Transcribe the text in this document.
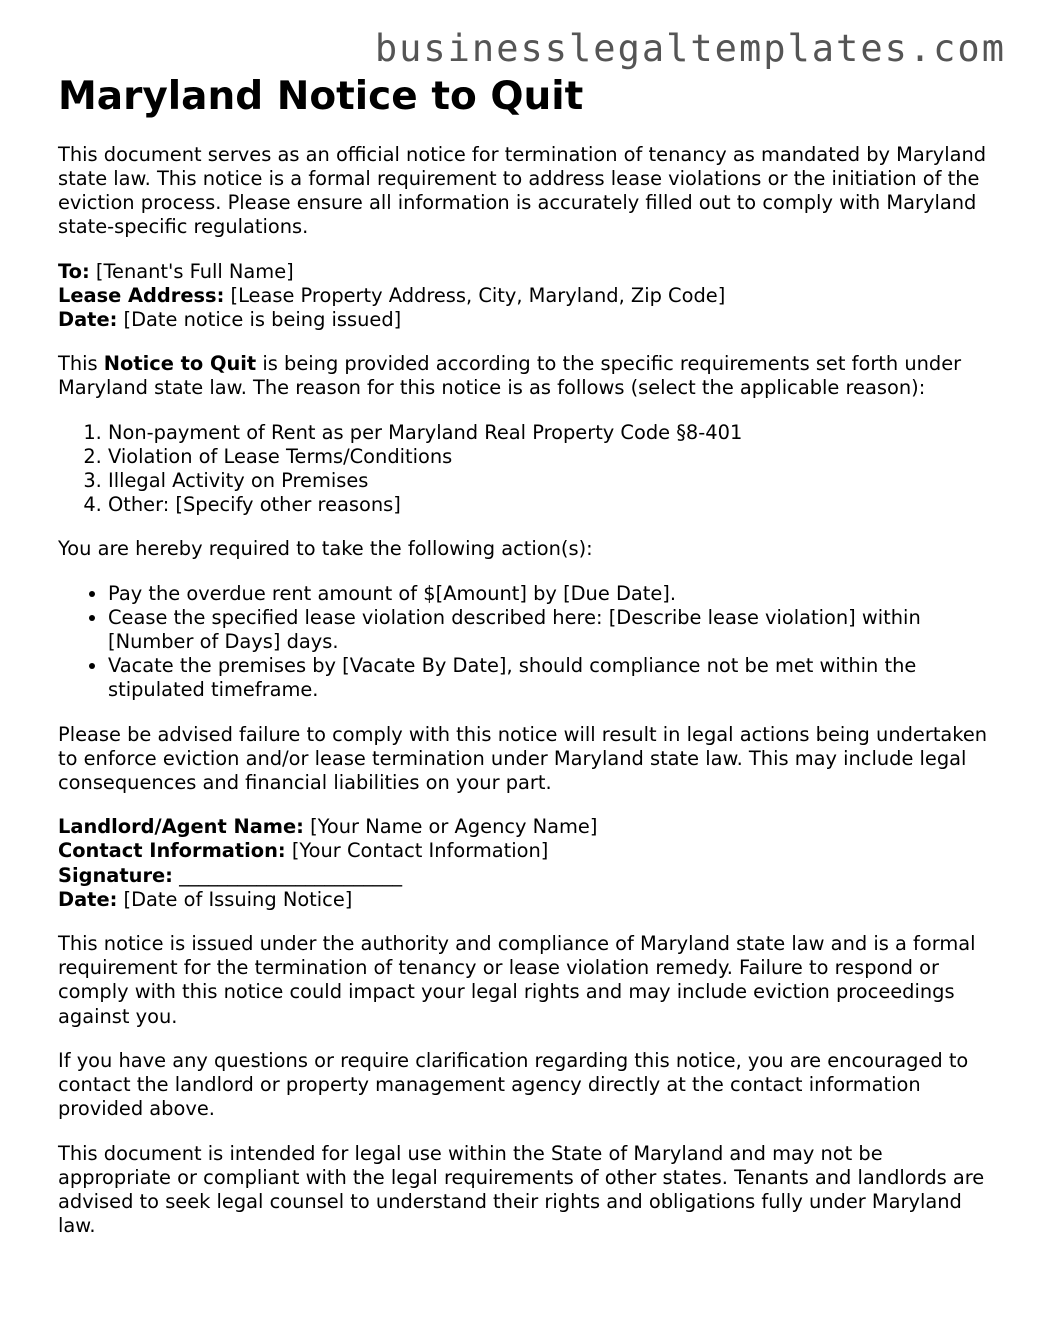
businesslegaltemplates.com
Maryland Notice to Quit

This document serves as an official notice for termination of tenancy as mandated by Maryland state law. This notice is a formal requirement to address lease violations or the initiation of the eviction process. Please ensure all information is accurately filled out to comply with Maryland state-specific regulations.

To: [Tenant's Full Name]

Lease Address: [Lease Property Address, City, Maryland, Zip Code]

Date: [Date notice is being issued]

This Notice to Quit is being provided according to the specific requirements set forth under Maryland state law. The reason for this notice is as follows (select the applicable reason):

1. Non-payment of Rent as per Maryland Real Property Code §8-401
2. Violation of Lease Terms/Conditions
3. Illegal Activity on Premises
4. Other: [Specify other reasons]

You are hereby required to take the following action(s):

• Pay the overdue rent amount of $[Amount] by [Due Date].
• Cease the specified lease violation described here: [Describe lease violation] within [Number of Days] days.
• Vacate the premises by [Vacate By Date], should compliance not be met within the stipulated timeframe.

Please be advised failure to comply with this notice will result in legal actions being undertaken to enforce eviction and/or lease termination under Maryland state law. This may include legal consequences and financial liabilities on your part.

Landlord/Agent Name: [Your Name or Agency Name]

Contact Information: [Your Contact Information]

Signature: _______________________

Date: [Date of Issuing Notice]

This notice is issued under the authority and compliance of Maryland state law and is a formal requirement for the termination of tenancy or lease violation remedy. Failure to respond or comply with this notice could impact your legal rights and may include eviction proceedings against you.

If you have any questions or require clarification regarding this notice, you are encouraged to contact the landlord or property management agency directly at the contact information provided above.

This document is intended for legal use within the State of Maryland and may not be appropriate or compliant with the legal requirements of other states. Tenants and landlords are advised to seek legal counsel to understand their rights and obligations fully under Maryland law.
